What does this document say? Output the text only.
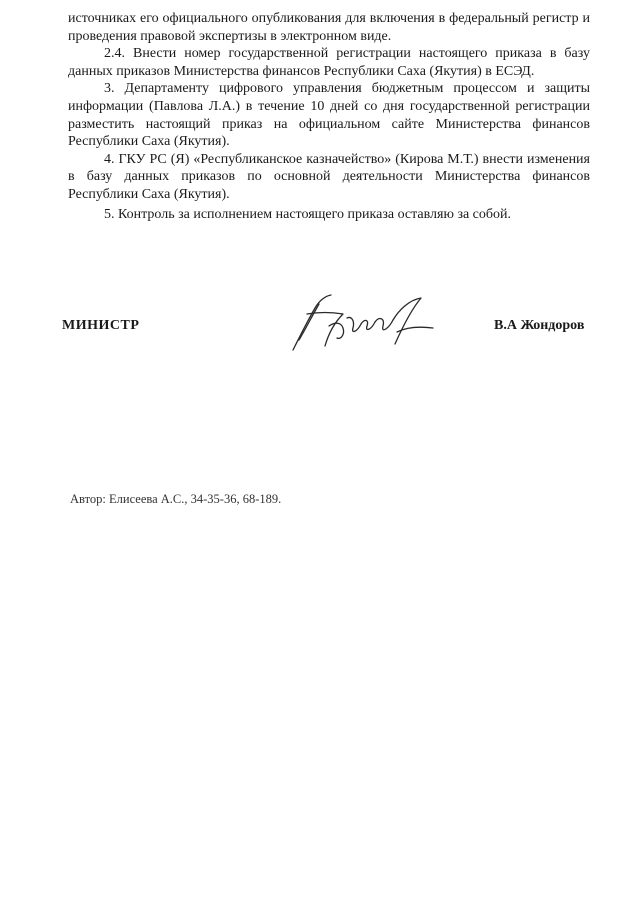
источниках его официального опубликования для включения в федеральный регистр и проведения правовой экспертизы в электронном виде.

2.4. Внести номер государственной регистрации настоящего приказа в базу данных приказов Министерства финансов Республики Саха (Якутия) в ЕСЭД.

3. Департаменту цифрового управления бюджетным процессом и защиты информации (Павлова Л.А.) в течение 10 дней со дня государственной регистрации разместить настоящий приказ на официальном сайте Министерства финансов Республики Саха (Якутия).

4. ГКУ РС (Я) «Республиканское казначейство» (Кирова М.Т.) внести изменения в базу данных приказов по основной деятельности Министерства финансов Республики Саха (Якутия).

5. Контроль за исполнением настоящего приказа оставляю за собой.

МИНИСТР	В.А Жондоров
Автор: Елисеева А.С., 34-35-36, 68-189.
